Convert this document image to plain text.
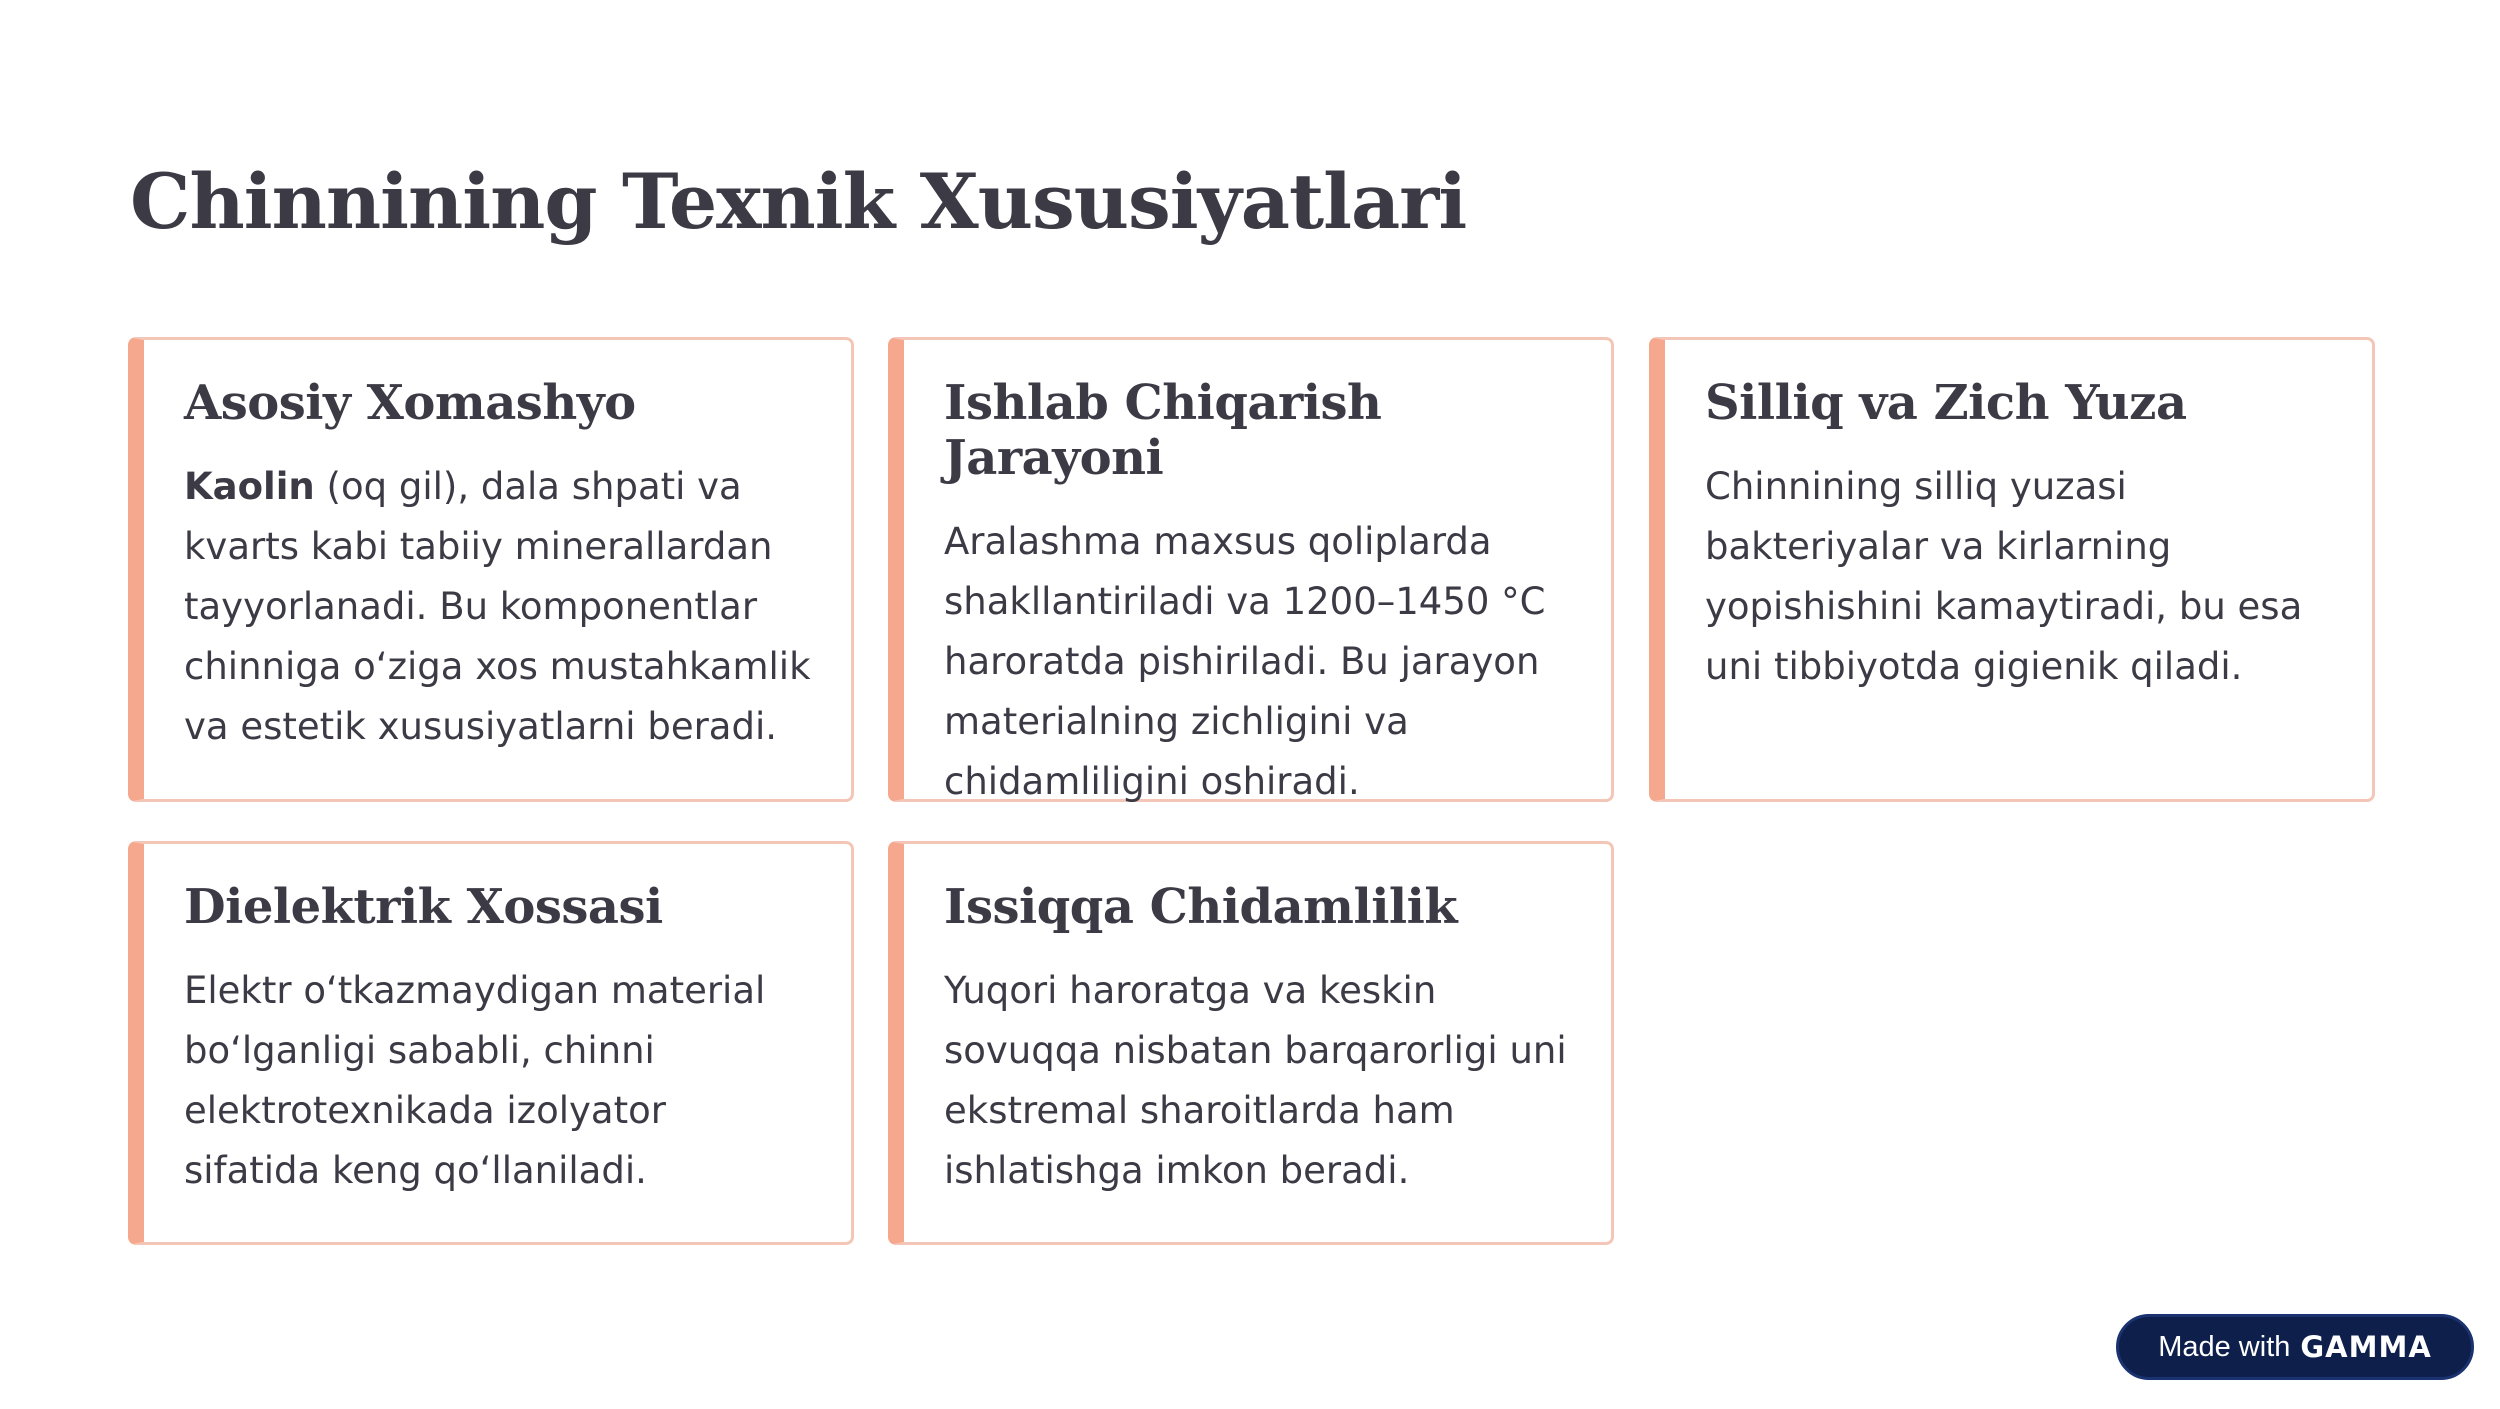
Chinnining Texnik Xususiyatlari
Asosiy Xomashyo

Kaolin (oq gil), dala shpati va kvarts kabi tabiiy minerallardan tayyorlanadi. Bu komponentlar chinniga o‘ziga xos mustahkamlik va estetik xususiyatlarni beradi.

Ishlab Chiqarish Jarayoni

Aralashma maxsus qoliplarda shakllantiriladi va 1200–1450 °C haroratda pishiriladi. Bu jarayon materialning zichligini va chidamliligini oshiradi.

Silliq va Zich Yuza

Chinnining silliq yuzasi bakteriyalar va kirlarning yopishishini kamaytiradi, bu esa uni tibbiyotda gigienik qiladi.

Dielektrik Xossasi

Elektr o‘tkazmaydigan material bo‘lganligi sababli, chinni elektrotexnikada izolyator sifatida keng qo‘llaniladi.

Issiqqa Chidamlilik

Yuqori haroratga va keskin sovuqqa nisbatan barqarorligi uni ekstremal sharoitlarda ham ishlatishga imkon beradi.

Made with GAMMA
